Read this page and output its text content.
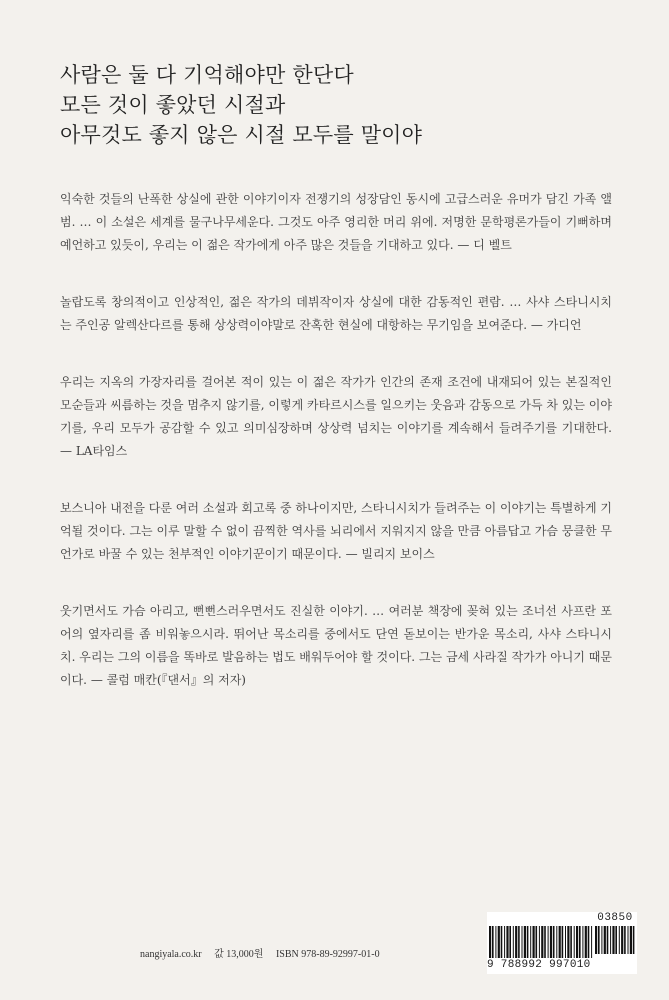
사람은 둘 다 기억해야만 한단다
모든 것이 좋았던 시절과
아무것도 좋지 않은 시절 모두를 말이야

익숙한 것들의 난폭한 상실에 관한 이야기이자 전쟁기의 성장담인 동시에 고급스러운 유머가 담긴 가족 앨범. … 이 소설은 세계를 물구나무세운다. 그것도 아주 영리한 머리 위에. 저명한 문학평론가들이 기뻐하며 예언하고 있듯이, 우리는 이 젊은 작가에게 아주 많은 것들을 기대하고 있다. — 디 벨트

놀랍도록 창의적이고 인상적인, 젊은 작가의 데뷔작이자 상실에 대한 감동적인 편람. … 사샤 스타니시치는 주인공 알렉산다르를 통해 상상력이야말로 잔혹한 현실에 대항하는 무기임을 보여준다. — 가디언

우리는 지옥의 가장자리를 걸어본 적이 있는 이 젊은 작가가 인간의 존재 조건에 내재되어 있는 본질적인 모순들과 씨름하는 것을 멈추지 않기를, 이렇게 카타르시스를 일으키는 웃음과 감동으로 가득 차 있는 이야기를, 우리 모두가 공감할 수 있고 의미심장하며 상상력 넘치는 이야기를 계속해서 들려주기를 기대한다. — LA타임스

보스니아 내전을 다룬 여러 소설과 회고록 중 하나이지만, 스타니시치가 들려주는 이 이야기는 특별하게 기억될 것이다. 그는 이루 말할 수 없이 끔찍한 역사를 뇌리에서 지워지지 않을 만큼 아름답고 가슴 뭉클한 무언가로 바꿀 수 있는 천부적인 이야기꾼이기 때문이다. — 빌리지 보이스

웃기면서도 가슴 아리고, 뻔뻔스러우면서도 진실한 이야기. … 여러분 책장에 꽂혀 있는 조너선 사프란 포어의 옆자리를 좀 비워놓으시라. 뛰어난 목소리를 중에서도 단연 돋보이는 반가운 목소리, 사샤 스타니시치. 우리는 그의 이름을 똑바로 발음하는 법도 배워두어야 할 것이다. 그는 금세 사라질 작가가 아니기 때문이다. — 콜럼 매칸(『댄서』의 저자)

nangiyala.co.kr 값 13,000원 ISBN 978-89-92997-01-0
03850
9 788992 997010
